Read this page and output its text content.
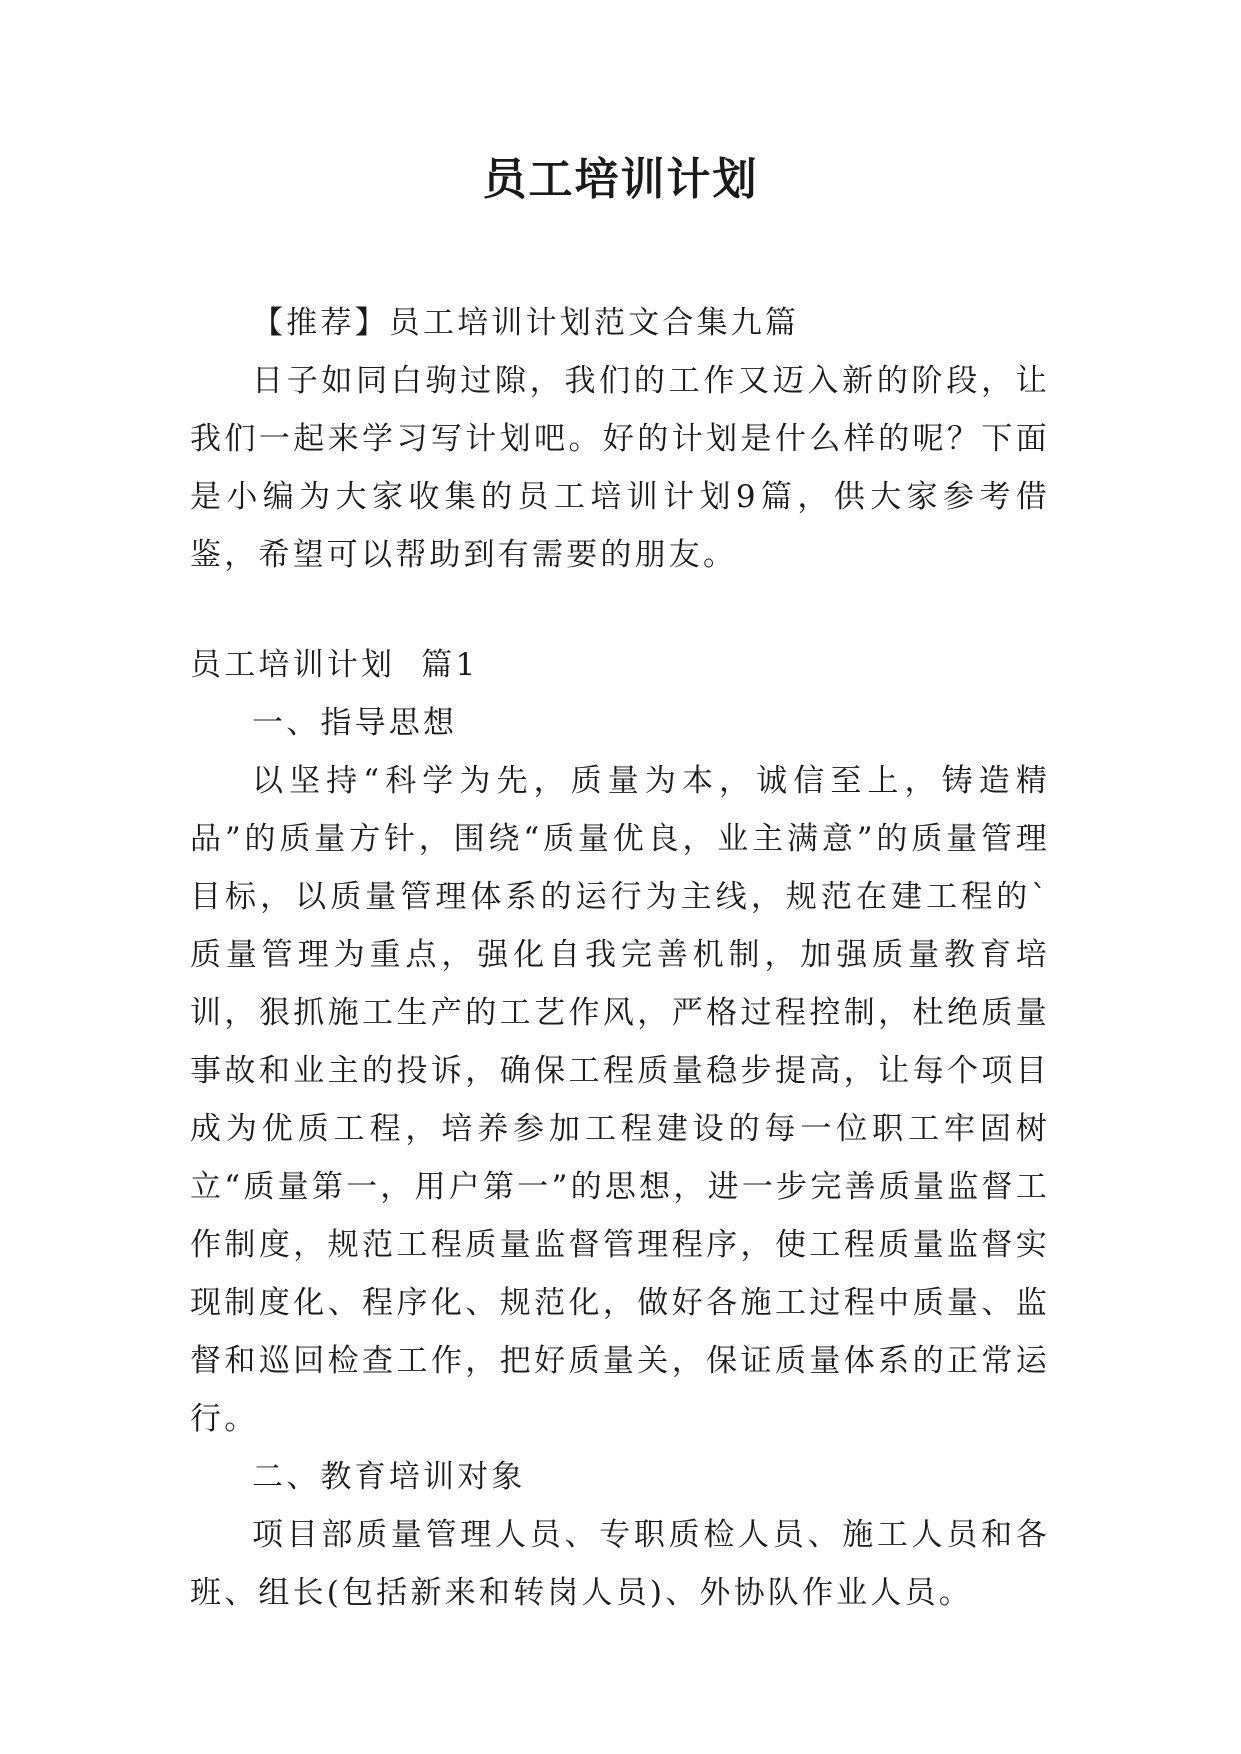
员工培训计划

【推荐】员工培训计划范文合集九篇

日子如同白驹过隙，我们的工作又迈入新的阶段，让我们一起来学习写计划吧。好的计划是什么样的呢？下面是小编为大家收集的员工培训计划9篇，供大家参考借鉴，希望可以帮助到有需要的朋友。

员工培训计划  篇1

一、指导思想

以坚持“科学为先，质量为本，诚信至上，铸造精品”的质量方针，围绕“质量优良，业主满意”的质量管理目标，以质量管理体系的运行为主线，规范在建工程的`质量管理为重点，强化自我完善机制，加强质量教育培训，狠抓施工生产的工艺作风，严格过程控制，杜绝质量事故和业主的投诉，确保工程质量稳步提高，让每个项目成为优质工程，培养参加工程建设的每一位职工牢固树立“质量第一，用户第一”的思想，进一步完善质量监督工作制度，规范工程质量监督管理程序，使工程质量监督实现制度化、程序化、规范化，做好各施工过程中质量、监督和巡回检查工作，把好质量关，保证质量体系的正常运行。

二、教育培训对象

项目部质量管理人员、专职质检人员、施工人员和各班、组长(包括新来和转岗人员)、外协队作业人员。
